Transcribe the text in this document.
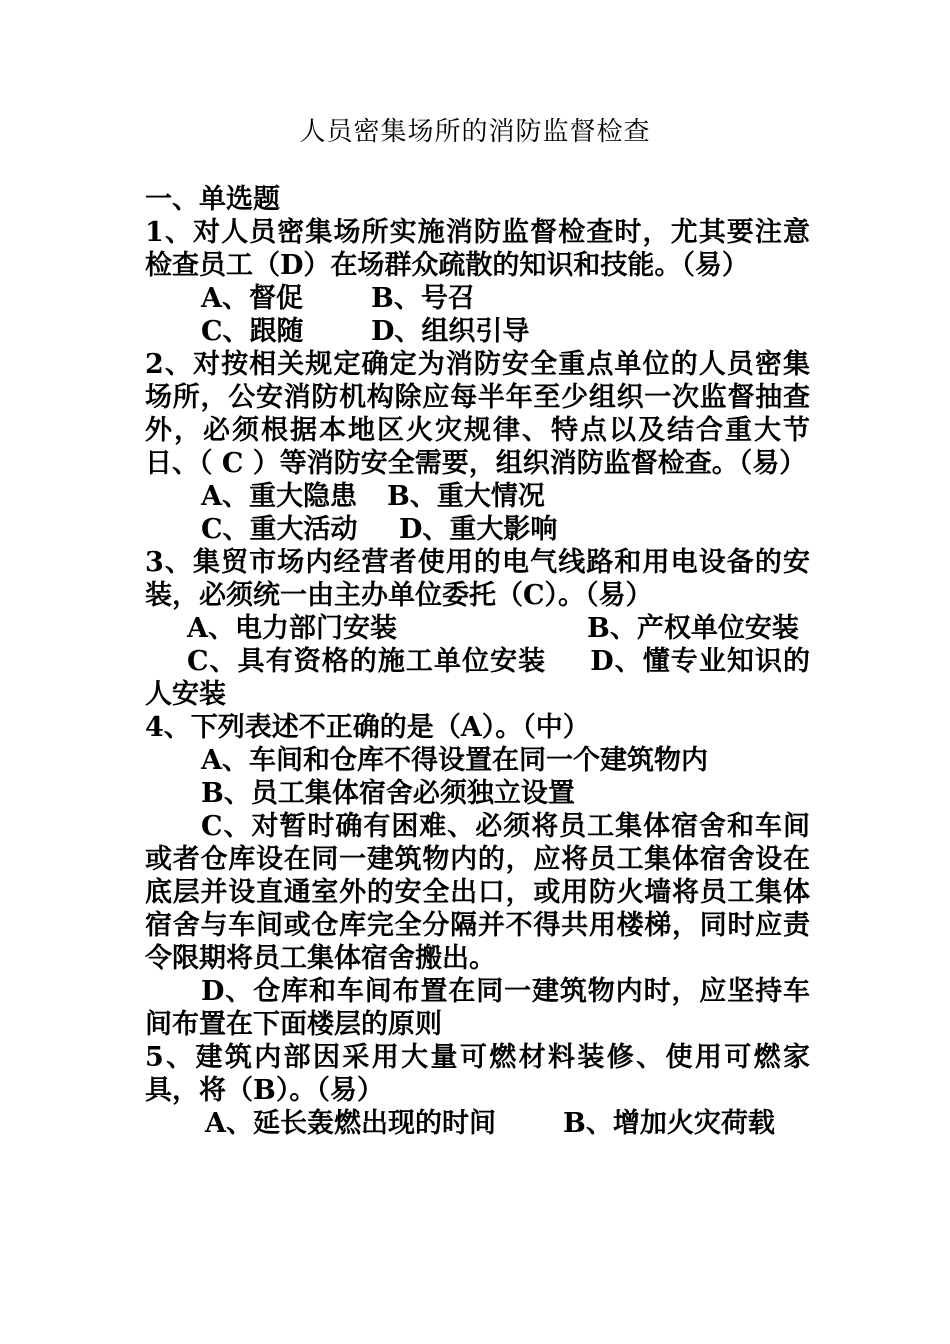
人员密集场所的消防监督检查
一、单选题
1、对人员密集场所实施消防监督检查时，尤其要注意检查员工（D）在场群众疏散的知识和技能。（易）
A、督促	B、号召
C、跟随	D、组织引导
2、对按相关规定确定为消防安全重点单位的人员密集场所，公安消防机构除应每半年至少组织一次监督抽查外，必须根据本地区火灾规律、特点以及结合重大节日、（ C ）等消防安全需要，组织消防监督检查。（易）
A、重大隐患	B、重大情况
C、重大活动	D、重大影响
3、集贸市场内经营者使用的电气线路和用电设备的安装，必须统一由主办单位委托（C）。（易）
A、电力部门安装	B、产权单位安装
C、具有资格的施工单位安装 D、懂专业知识的人安装
4、下列表述不正确的是（A）。（中）
A、车间和仓库不得设置在同一个建筑物内
B、员工集体宿舍必须独立设置
C、对暂时确有困难、必须将员工集体宿舍和车间或者仓库设在同一建筑物内的，应将员工集体宿舍设在底层并设直通室外的安全出口，或用防火墙将员工集体宿舍与车间或仓库完全分隔并不得共用楼梯，同时应责令限期将员工集体宿舍搬出。
D、仓库和车间布置在同一建筑物内时，应坚持车间布置在下面楼层的原则
5、建筑内部因采用大量可燃材料装修、使用可燃家具，将（B）。（易）
A、延长轰燃出现的时间	B、增加火灾荷载
